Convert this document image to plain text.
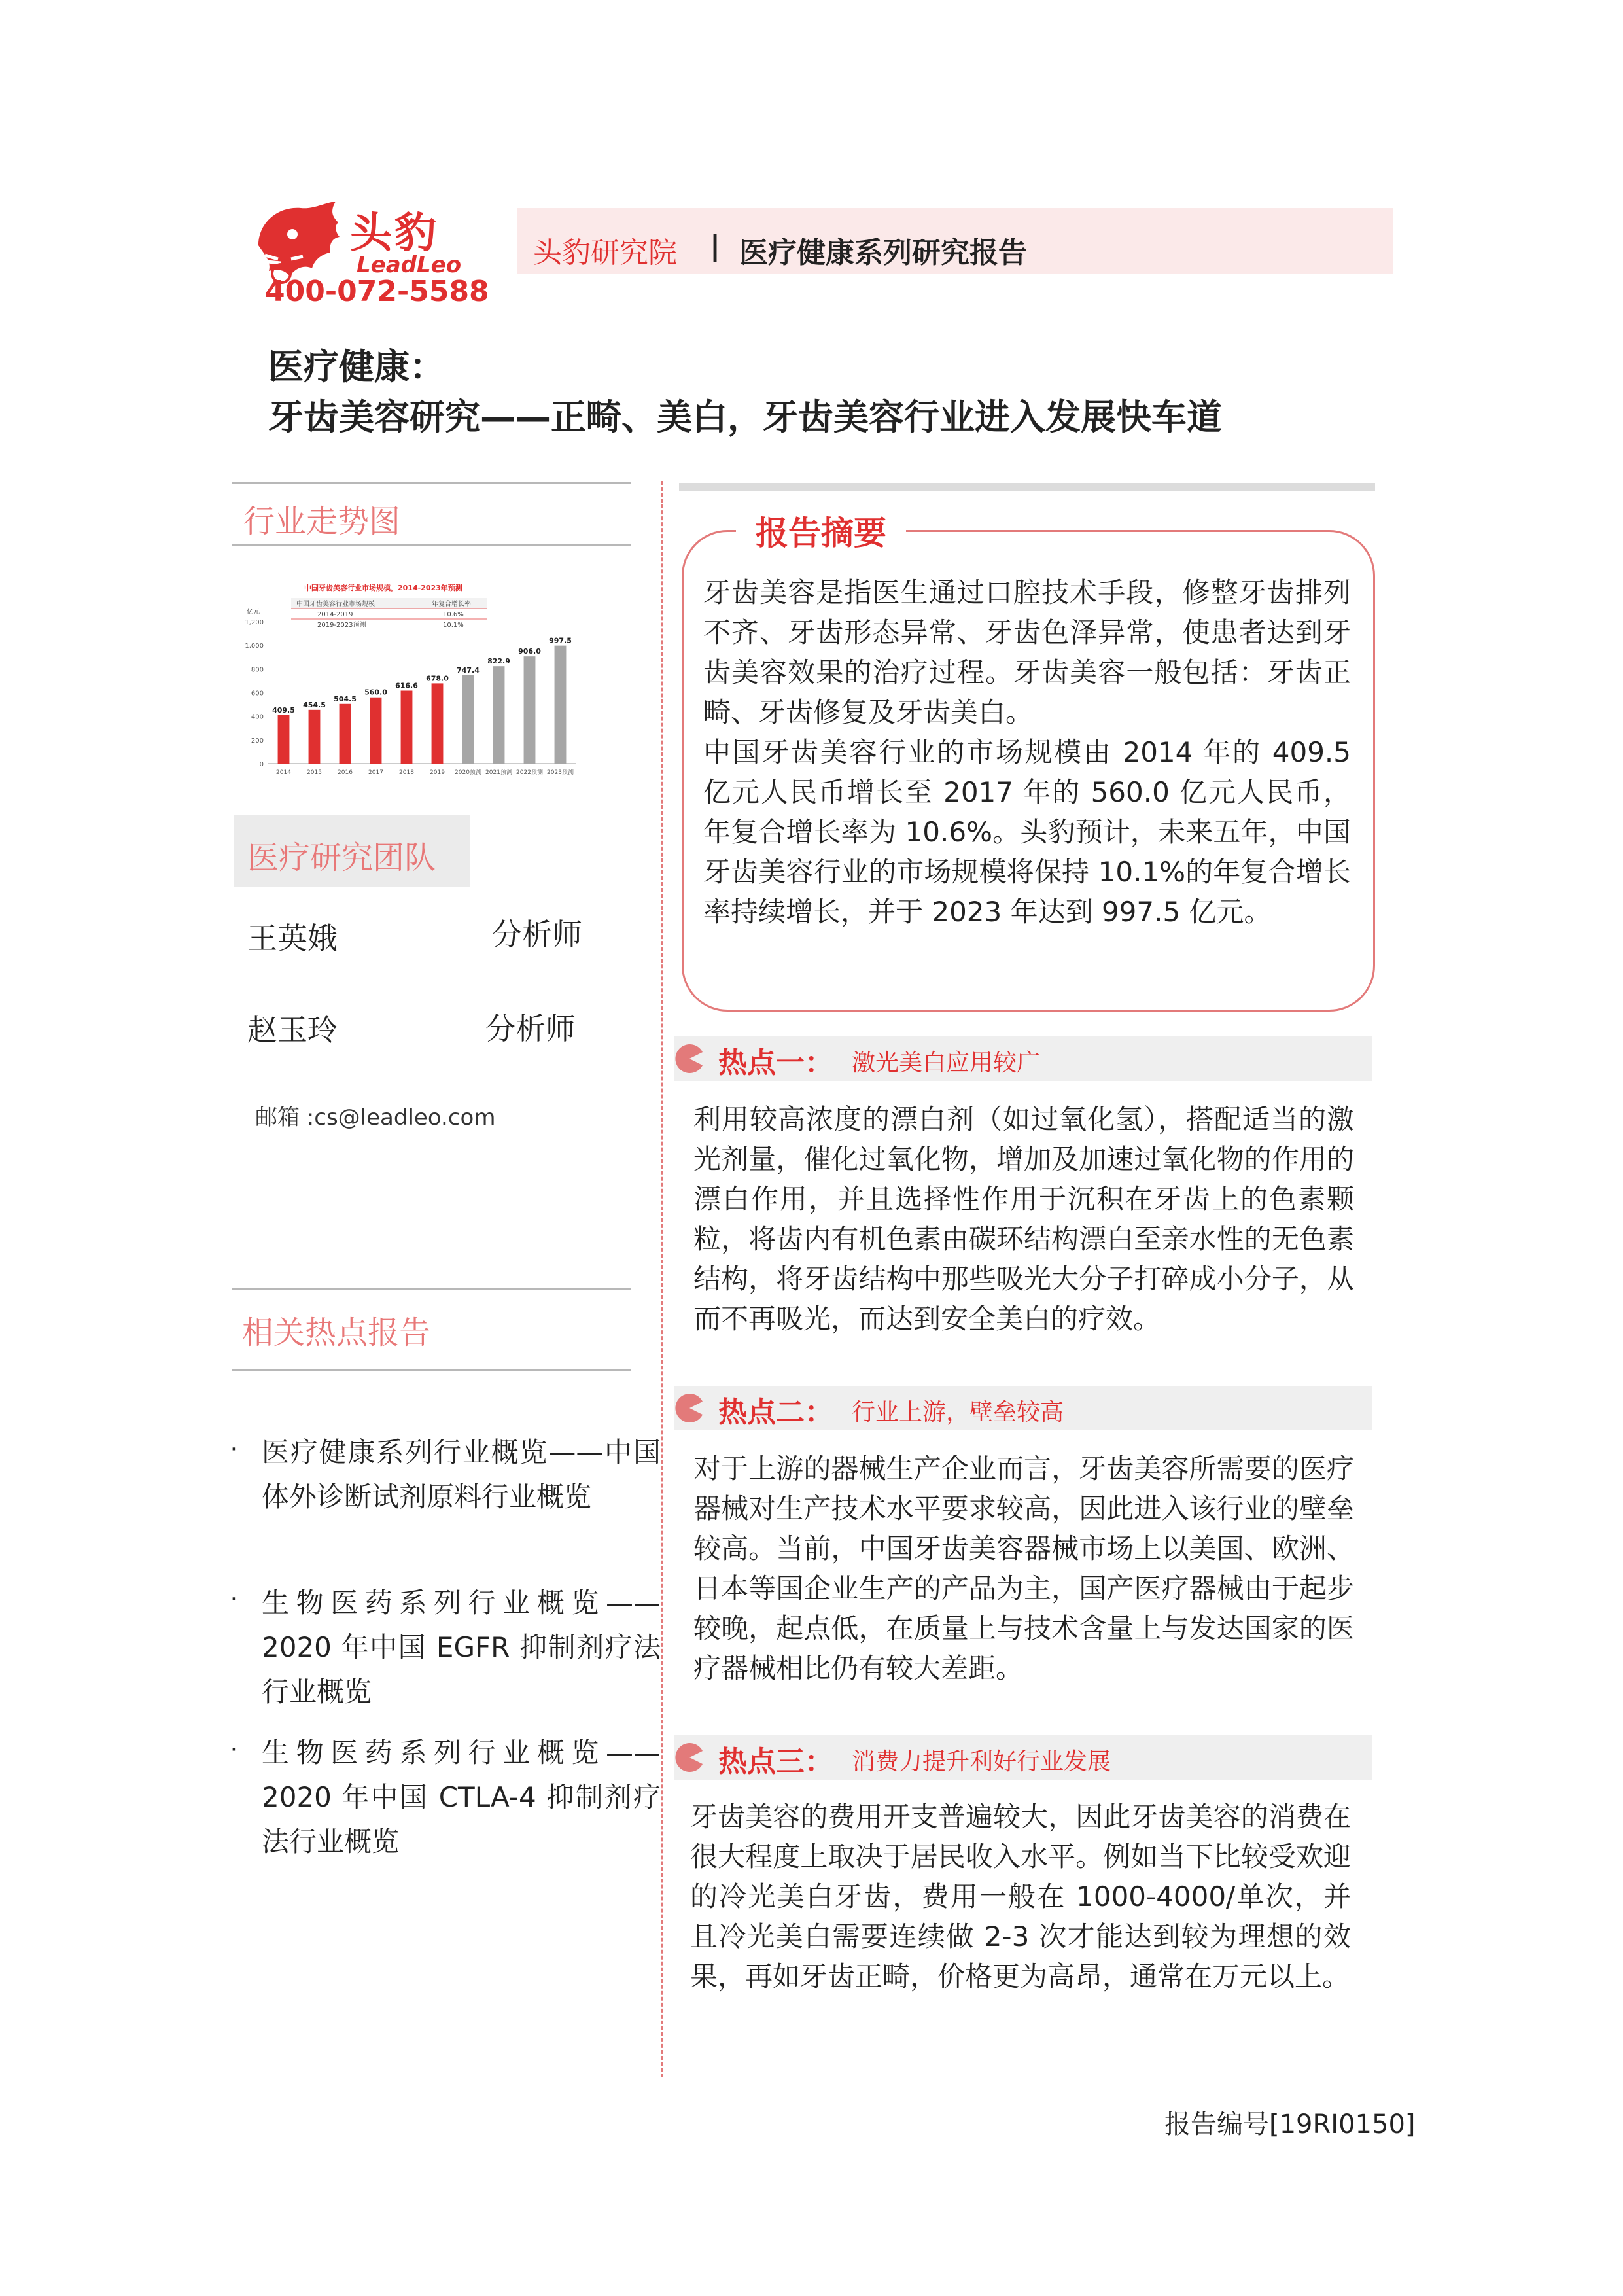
头豹
LeadLeo
400-072-5588
头豹研究院 | 医疗健康系列研究报告
医疗健康：
牙齿美容研究——正畸、美白，牙齿美容行业进入发展快车道
行业走势图
中国牙齿美容行业市场规模，2014-2023年预测
亿元
中国牙齿美容行业市场规模	年复合增长率
2014-2019	10.6%
2019-2023预测	10.1%
1,200
1,000
800
600
400
200
0
409.5
454.5
504.5
560.0
616.6
678.0
747.4
822.9
906.0
997.5
2014	2015	2016	2017	2018	2019 2020预测 2021预测 2022预测 2023预测
医疗研究团队
王英娥	分析师
赵玉玲	分析师
邮箱 :cs@leadleo.com
相关热点报告
· 医疗健康系列行业概览——中国体外诊断试剂原料行业概览
· 生物医药系列行业概览——2020 年中国 EGFR 抑制剂疗法行业概览
· 生物医药系列行业概览——2020 年中国 CTLA-4 抑制剂疗法行业概览
报告摘要
牙齿美容是指医生通过口腔技术手段，修整牙齿排列不齐、牙齿形态异常、牙齿色泽异常，使患者达到牙齿美容效果的治疗过程。牙齿美容一般包括：牙齿正畸、牙齿修复及牙齿美白。
中国牙齿美容行业的市场规模由 2014 年的 409.5 亿元人民币增长至 2017 年的 560.0 亿元人民币，年复合增长率为 10.6%。头豹预计，未来五年，中国牙齿美容行业的市场规模将保持 10.1%的年复合增长率持续增长，并于 2023 年达到 997.5 亿元。
热点一： 激光美白应用较广
利用较高浓度的漂白剂（如过氧化氢），搭配适当的激光剂量，催化过氧化物，增加及加速过氧化物的作用的漂白作用，并且选择性作用于沉积在牙齿上的色素颗粒，将齿内有机色素由碳环结构漂白至亲水性的无色素结构，将牙齿结构中那些吸光大分子打碎成小分子，从而不再吸光，而达到安全美白的疗效。
热点二： 行业上游，壁垒较高
对于上游的器械生产企业而言，牙齿美容所需要的医疗器械对生产技术水平要求较高，因此进入该行业的壁垒较高。当前，中国牙齿美容器械市场上以美国、欧洲、日本等国企业生产的产品为主，国产医疗器械由于起步较晚，起点低，在质量上与技术含量上与发达国家的医疗器械相比仍有较大差距。
热点三： 消费力提升利好行业发展
牙齿美容的费用开支普遍较大，因此牙齿美容的消费在很大程度上取决于居民收入水平。例如当下比较受欢迎的冷光美白牙齿，费用一般在 1000-4000/单次，并且冷光美白需要连续做 2-3 次才能达到较为理想的效果，再如牙齿正畸，价格更为高昂，通常在万元以上。
报告编号[19RI0150]
